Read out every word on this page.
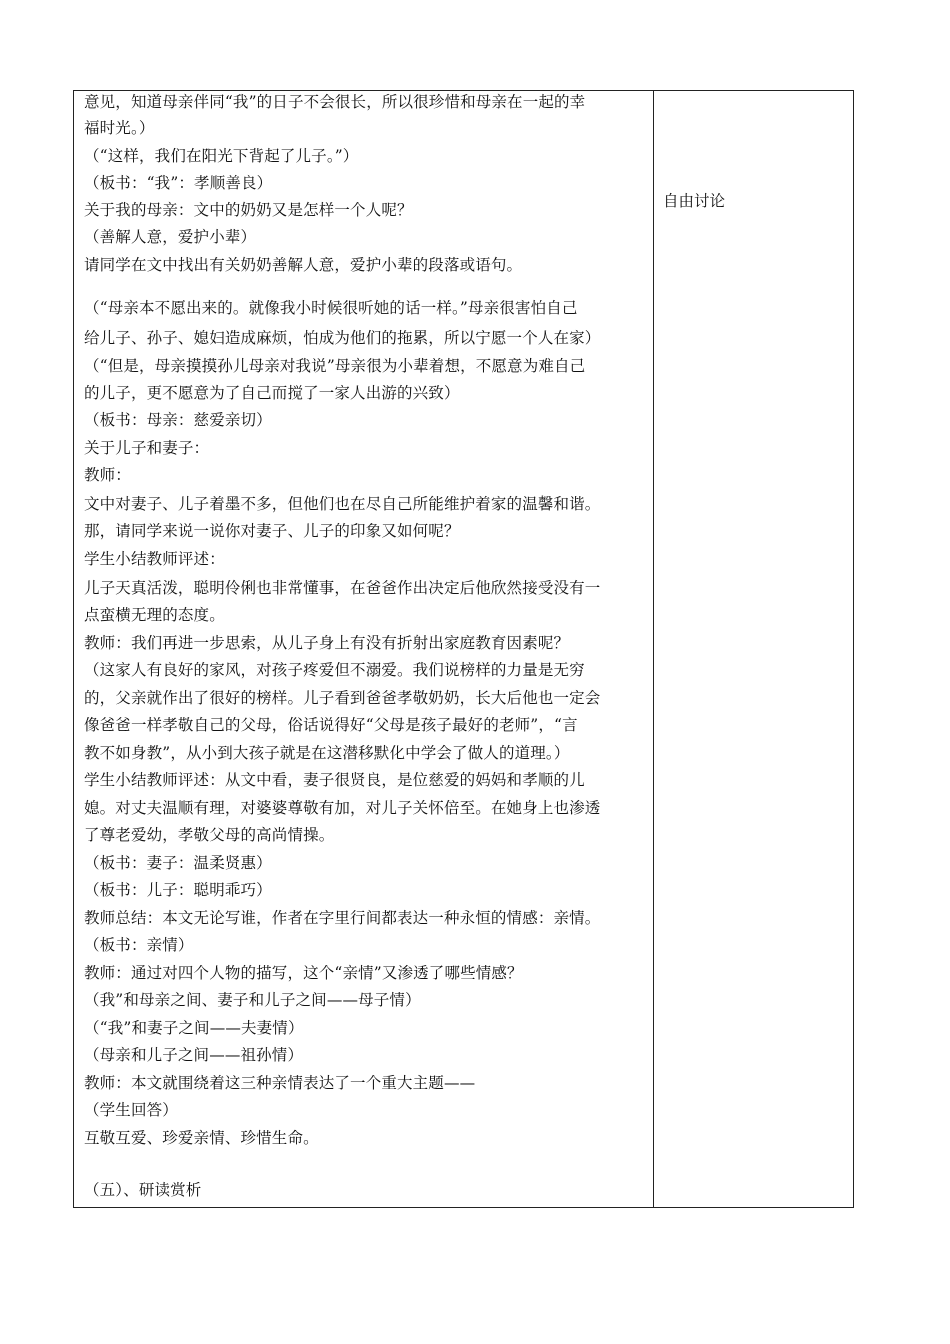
意见，知道母亲伴同“我”的日子不会很长，所以很珍惜和母亲在一起的幸
福时光。）
（“这样，我们在阳光下背起了儿子。”）
（板书：“我”：孝顺善良）
关于我的母亲：文中的奶奶又是怎样一个人呢？
（善解人意，爱护小辈）
请同学在文中找出有关奶奶善解人意，爱护小辈的段落或语句。
（“母亲本不愿出来的。就像我小时候很听她的话一样。”母亲很害怕自己
给儿子、孙子、媳妇造成麻烦，怕成为他们的拖累，所以宁愿一个人在家）
（“但是，母亲摸摸孙儿母亲对我说”母亲很为小辈着想，不愿意为难自己
的儿子，更不愿意为了自己而搅了一家人出游的兴致）
（板书：母亲：慈爱亲切）
关于儿子和妻子：
教师：
文中对妻子、儿子着墨不多，但他们也在尽自己所能维护着家的温馨和谐。
那，请同学来说一说你对妻子、儿子的印象又如何呢？
学生小结教师评述：
儿子天真活泼，聪明伶俐也非常懂事，在爸爸作出决定后他欣然接受没有一
点蛮横无理的态度。
教师：我们再进一步思索，从儿子身上有没有折射出家庭教育因素呢？
（这家人有良好的家风，对孩子疼爱但不溺爱。我们说榜样的力量是无穷
的，父亲就作出了很好的榜样。儿子看到爸爸孝敬奶奶，长大后他也一定会
像爸爸一样孝敬自己的父母，俗话说得好“父母是孩子最好的老师”，“言
教不如身教”，从小到大孩子就是在这潜移默化中学会了做人的道理。）
学生小结教师评述：从文中看，妻子很贤良，是位慈爱的妈妈和孝顺的儿
媳。对丈夫温顺有理，对婆婆尊敬有加，对儿子关怀倍至。在她身上也渗透
了尊老爱幼，孝敬父母的高尚情操。
（板书：妻子：温柔贤惠）
（板书：儿子：聪明乖巧）
教师总结：本文无论写谁，作者在字里行间都表达一种永恒的情感：亲情。
（板书：亲情）
教师：通过对四个人物的描写，这个“亲情”又渗透了哪些情感？
（我”和母亲之间、妻子和儿子之间——母子情）
（“我”和妻子之间——夫妻情）
（母亲和儿子之间——祖孙情）
教师：本文就围绕着这三种亲情表达了一个重大主题——
（学生回答）
互敬互爱、珍爱亲情、珍惜生命。
（五）、研读赏析
自由讨论
